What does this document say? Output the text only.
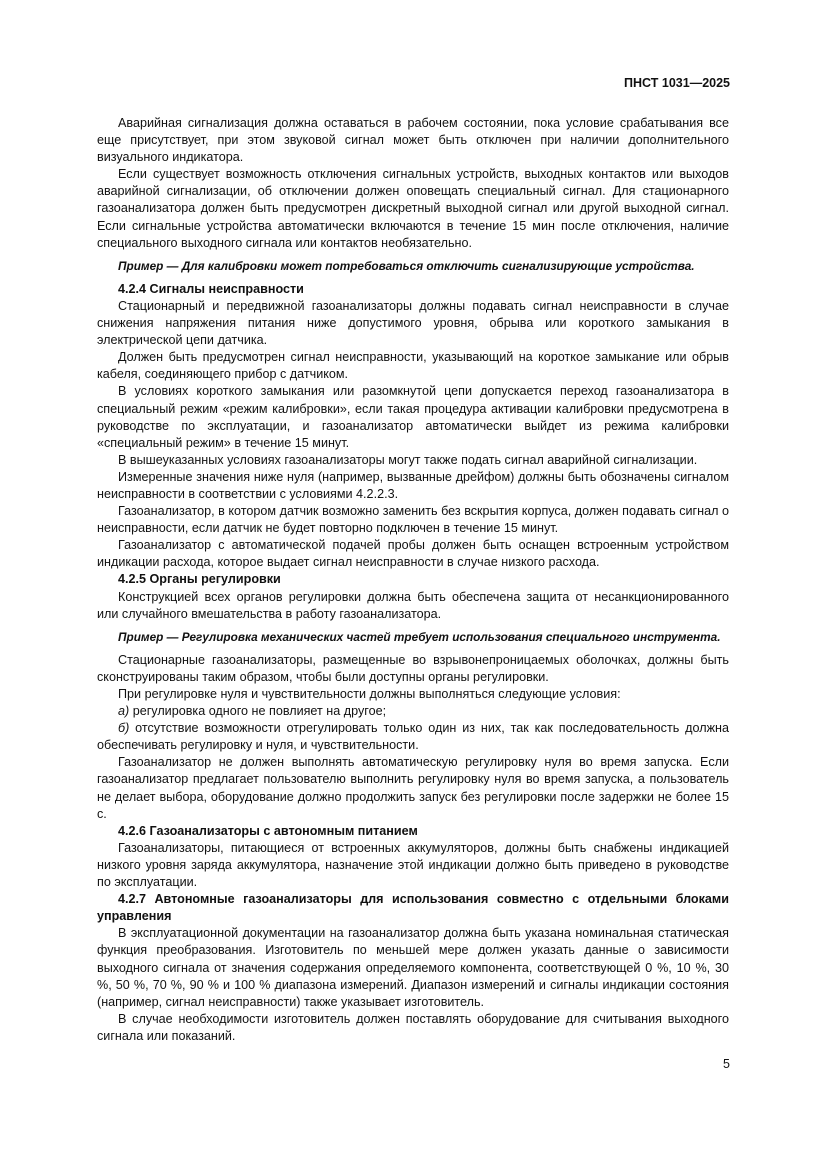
ПНСТ 1031—2025

Аварийная сигнализация должна оставаться в рабочем состоянии, пока условие срабатывания все еще присутствует, при этом звуковой сигнал может быть отключен при наличии дополнительного визуального индикатора.

Если существует возможность отключения сигнальных устройств, выходных контактов или выходов аварийной сигнализации, об отключении должен оповещать специальный сигнал. Для стационарного газоанализатора должен быть предусмотрен дискретный выходной сигнал или другой выходной сигнал. Если сигнальные устройства автоматически включаются в течение 15 мин после отключения, наличие специального выходного сигнала или контактов необязательно.

Пример — Для калибровки может потребоваться отключить сигнализирующие устройства.

4.2.4 Сигналы неисправности

Стационарный и передвижной газоанализаторы должны подавать сигнал неисправности в случае снижения напряжения питания ниже допустимого уровня, обрыва или короткого замыкания в электрической цепи датчика.

Должен быть предусмотрен сигнал неисправности, указывающий на короткое замыкание или обрыв кабеля, соединяющего прибор с датчиком.

В условиях короткого замыкания или разомкнутой цепи допускается переход газоанализатора в специальный режим «режим калибровки», если такая процедура активации калибровки предусмотрена в руководстве по эксплуатации, и газоанализатор автоматически выйдет из режима калибровки «специальный режим» в течение 15 минут.

В вышеуказанных условиях газоанализаторы могут также подать сигнал аварийной сигнализации.

Измеренные значения ниже нуля (например, вызванные дрейфом) должны быть обозначены сигналом неисправности в соответствии с условиями 4.2.2.3.

Газоанализатор, в котором датчик возможно заменить без вскрытия корпуса, должен подавать сигнал о неисправности, если датчик не будет повторно подключен в течение 15 минут.

Газоанализатор с автоматической подачей пробы должен быть оснащен встроенным устройством индикации расхода, которое выдает сигнал неисправности в случае низкого расхода.

4.2.5 Органы регулировки

Конструкцией всех органов регулировки должна быть обеспечена защита от несанкционированного или случайного вмешательства в работу газоанализатора.

Пример — Регулировка механических частей требует использования специального инструмента.

Стационарные газоанализаторы, размещенные во взрывонепроницаемых оболочках, должны быть сконструированы таким образом, чтобы были доступны органы регулировки.

При регулировке нуля и чувствительности должны выполняться следующие условия:

а) регулировка одного не повлияет на другое;

б) отсутствие возможности отрегулировать только один из них, так как последовательность должна обеспечивать регулировку и нуля, и чувствительности.

Газоанализатор не должен выполнять автоматическую регулировку нуля во время запуска. Если газоанализатор предлагает пользователю выполнить регулировку нуля во время запуска, а пользователь не делает выбора, оборудование должно продолжить запуск без регулировки после задержки не более 15 с.

4.2.6 Газоанализаторы с автономным питанием

Газоанализаторы, питающиеся от встроенных аккумуляторов, должны быть снабжены индикацией низкого уровня заряда аккумулятора, назначение этой индикации должно быть приведено в руководстве по эксплуатации.

4.2.7 Автономные газоанализаторы для использования совместно с отдельными блоками управления

В эксплуатационной документации на газоанализатор должна быть указана номинальная статическая функция преобразования. Изготовитель по меньшей мере должен указать данные о зависимости выходного сигнала от значения содержания определяемого компонента, соответствующей 0 %, 10 %, 30 %, 50 %, 70 %, 90 % и 100 % диапазона измерений. Диапазон измерений и сигналы индикации состояния (например, сигнал неисправности) также указывает изготовитель.

В случае необходимости изготовитель должен поставлять оборудование для считывания выходного сигнала или показаний.

5
